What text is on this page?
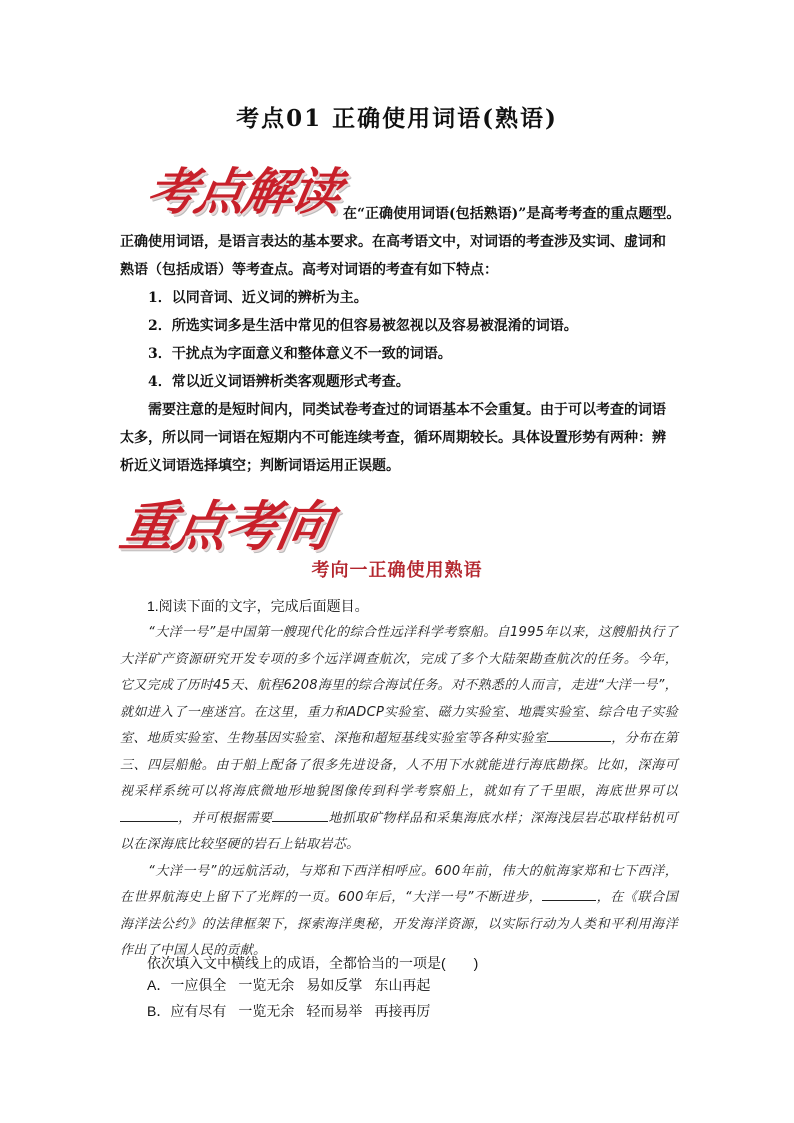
考点01 正确使用词语(熟语)
考点解读
在“正确使用词语(包括熟语)”是高考考查的重点题型。

正确使用词语，是语言表达的基本要求。在高考语文中，对词语的考查涉及实词、虚词和熟语（包括成语）等考查点。高考对词语的考查有如下特点：

1．以同音词、近义词的辨析为主。

2．所选实词多是生活中常见的但容易被忽视以及容易被混淆的词语。

3．干扰点为字面意义和整体意义不一致的词语。

4．常以近义词语辨析类客观题形式考查。

需要注意的是短时间内，同类试卷考查过的词语基本不会重复。由于可以考查的词语太多，所以同一词语在短期内不可能连续考查，循环周期较长。具体设置形势有两种：辨析近义词语选择填空；判断词语运用正误题。

重点考向
考向一正确使用熟语
1.阅读下面的文字，完成后面题目。

“大洋一号”是中国第一艘现代化的综合性远洋科学考察船。自1995年以来，这艘船执行了大洋矿产资源研究开发专项的多个远洋调查航次，完成了多个大陆架勘查航次的任务。今年，它又完成了历时45天、航程6208海里的综合海试任务。对不熟悉的人而言，走进“大洋一号”，就如进入了一座迷宫。在这里，重力和ADCP实验室、磁力实验室、地震实验室、综合电子实验室、地质实验室、生物基因实验室、深拖和超短基线实验室等各种实验室	，分布在第三、四层船舱。由于船上配备了很多先进设备，人不用下水就能进行海底勘探。比如，深海可视采样系统可以将海底微地形地貌图像传到科学考察船上，就如有了千里眼，海底世界可以，并可根据需要	地抓取矿物样品和采集海底水样；深海浅层岩芯取样钻机可以在深海底比较坚硬的岩石上钻取岩芯。

“大洋一号”的远航活动，与郑和下西洋相呼应。600年前，伟大的航海家郑和七下西洋，在世界航海史上留下了光辉的一页。600年后，“大洋一号”不断进步，	，在《联合国海洋法公约》的法律框架下，探索海洋奥秘，开发海洋资源，以实际行动为人类和平利用海洋作出了中国人民的贡献。

依次填入文中横线上的成语，全都恰当的一项是(　　)
A．一应俱全 一览无余 易如反掌 东山再起
B．应有尽有 一览无余 轻而易举 再接再厉
